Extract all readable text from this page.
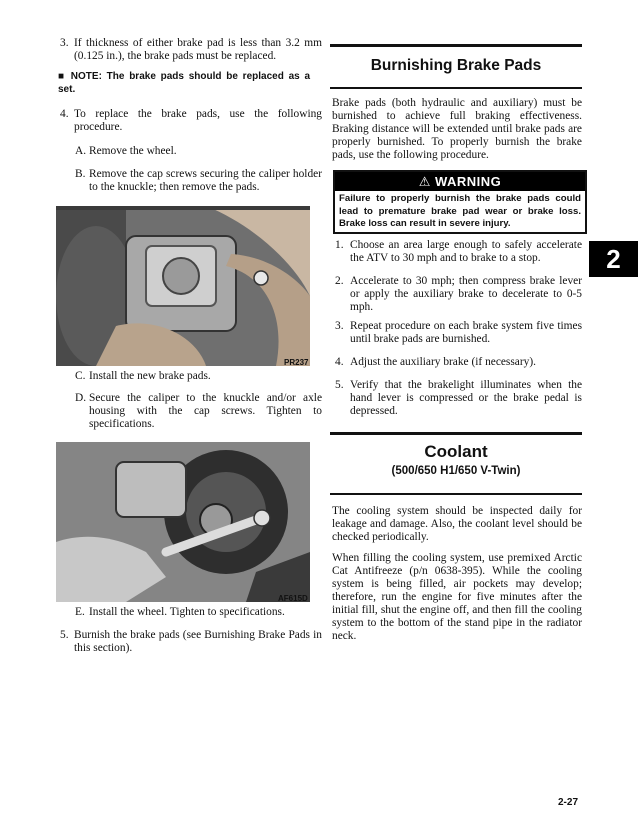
3. If thickness of either brake pad is less than 3.2 mm (0.125 in.), the brake pads must be replaced.
■ NOTE: The brake pads should be replaced as a set.
4. To replace the brake pads, use the following procedure.
A. Remove the wheel.
B. Remove the cap screws securing the caliper holder to the knuckle; then remove the pads.
PR237
C. Install the new brake pads.
D. Secure the caliper to the knuckle and/or axle housing with the cap screws. Tighten to specifications.
AF615D
E. Install the wheel. Tighten to specifications.
5. Burnish the brake pads (see Burnishing Brake Pads in this section).
Burnishing Brake Pads
Brake pads (both hydraulic and auxiliary) must be burnished to achieve full braking effectiveness. Braking distance will be extended until brake pads are properly burnished. To properly burnish the brake pads, use the following procedure.
⚠ WARNING
Failure to properly burnish the brake pads could lead to premature brake pad wear or brake loss. Brake loss can result in severe injury.
1. Choose an area large enough to safely accelerate the ATV to 30 mph and to brake to a stop.
2. Accelerate to 30 mph; then compress brake lever or apply the auxiliary brake to decelerate to 0-5 mph.
3. Repeat procedure on each brake system five times until brake pads are burnished.
4. Adjust the auxiliary brake (if necessary).
5. Verify that the brakelight illuminates when the hand lever is compressed or the brake pedal is depressed.
Coolant
(500/650 H1/650 V-Twin)
The cooling system should be inspected daily for leakage and damage. Also, the coolant level should be checked periodically.
When filling the cooling system, use premixed Arctic Cat Antifreeze (p/n 0638-395). While the cooling system is being filled, air pockets may develop; therefore, run the engine for five minutes after the initial fill, shut the engine off, and then fill the cooling system to the bottom of the stand pipe in the radiator neck.
2
2-27
